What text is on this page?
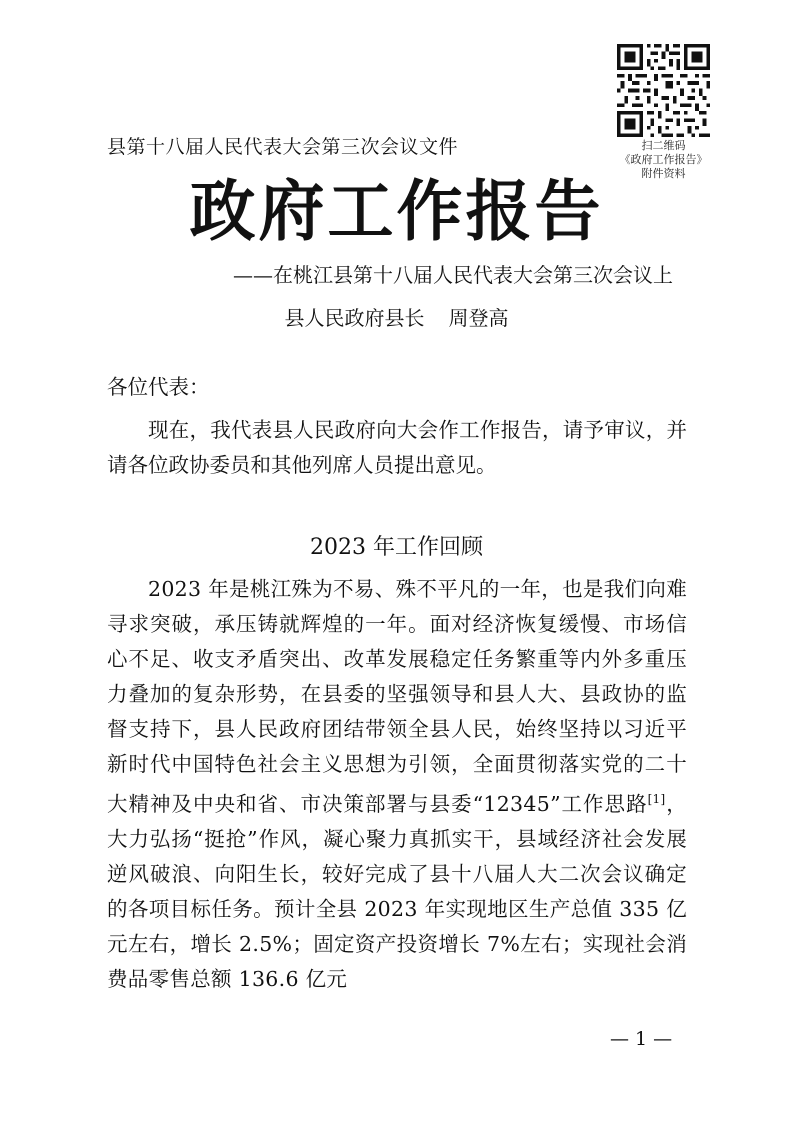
扫二维码
《政府工作报告》
附件资料
县第十八届人民代表大会第三次会议文件
政府工作报告
——在桃江县第十八届人民代表大会第三次会议上
县人民政府县长 周登高
各位代表：
现在，我代表县人民政府向大会作工作报告，请予审议，并请各位政协委员和其他列席人员提出意见。
2023 年工作回顾
2023 年是桃江殊为不易、殊不平凡的一年，也是我们向难寻求突破，承压铸就辉煌的一年。面对经济恢复缓慢、市场信心不足、收支矛盾突出、改革发展稳定任务繁重等内外多重压力叠加的复杂形势，在县委的坚强领导和县人大、县政协的监督支持下，县人民政府团结带领全县人民，始终坚持以习近平新时代中国特色社会主义思想为引领，全面贯彻落实党的二十大精神及中央和省、市决策部署与县委“12345”工作思路[1]，大力弘扬“挺抢”作风，凝心聚力真抓实干，县域经济社会发展逆风破浪、向阳生长，较好完成了县十八届人大二次会议确定的各项目标任务。预计全县 2023 年实现地区生产总值 335 亿元左右，增长 2.5%；固定资产投资增长 7%左右；实现社会消费品零售总额 136.6 亿元
— 1 —
